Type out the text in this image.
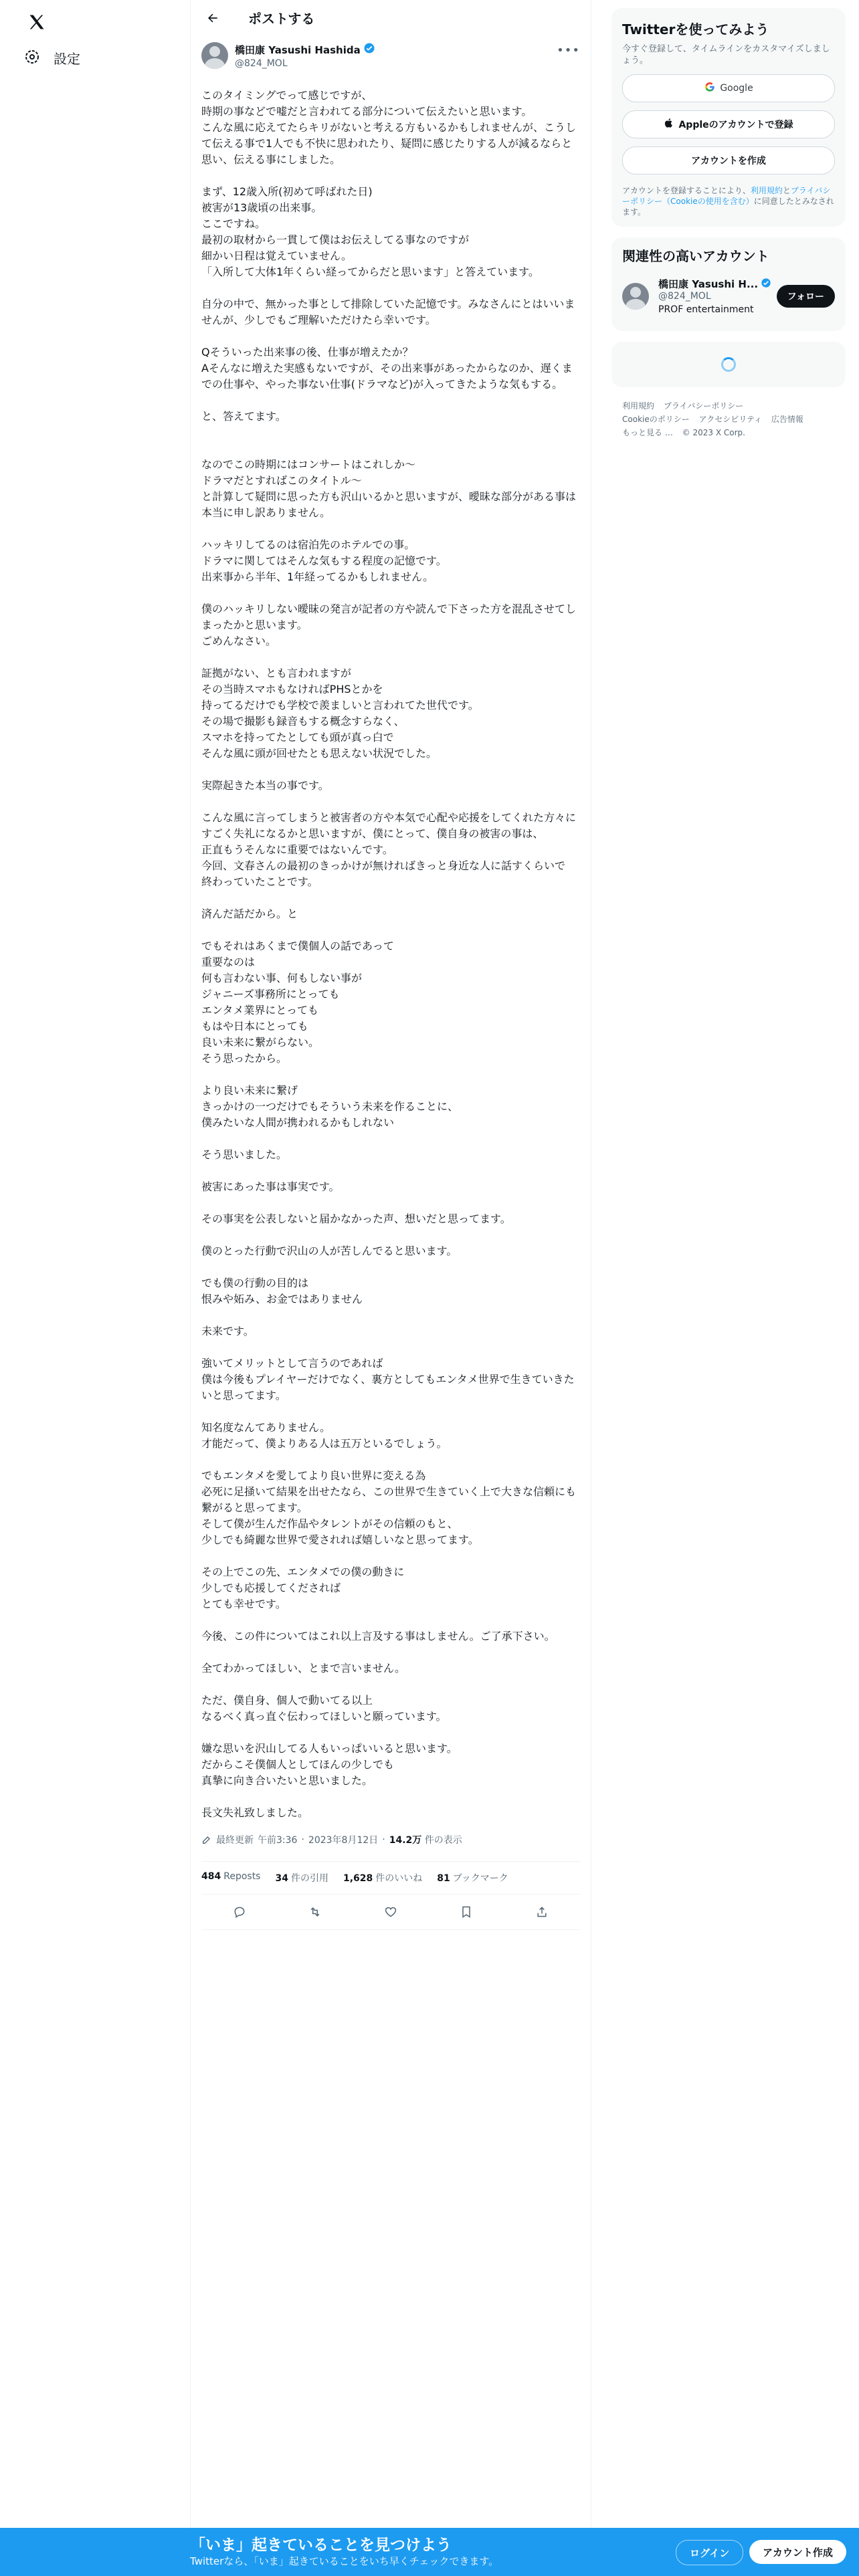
設定
ポストする
橋田康 Yasushi Hashida
@824_MOL
•••
このタイミングでって感じですが、
時期の事などで嘘だと言われてる部分について伝えたいと思います。
こんな風に応えてたらキリがないと考える方もいるかもしれませんが、こうして伝える事で1人でも不快に思われたり、疑問に感じたりする人が減るならと思い、伝える事にしました。

まず、12歳入所(初めて呼ばれた日)
被害が13歳頃の出来事。
ここですね。
最初の取材から一貫して僕はお伝えしてる事なのですが
細かい日程は覚えていません。
「入所して大体1年くらい経ってからだと思います」と答えています。

自分の中で、無かった事として排除していた記憶です。みなさんにとはいいませんが、少しでもご理解いただけたら幸いです。

Qそういった出来事の後、仕事が増えたか？
Aそんなに増えた実感もないですが、その出来事があったからなのか、遅くまでの仕事や、やった事ない仕事(ドラマなど)が入ってきたような気もする。

と、答えてます。

なのでこの時期にはコンサートはこれしか〜
ドラマだとすればこのタイトル〜
と計算して疑問に思った方も沢山いるかと思いますが、曖昧な部分がある事は本当に申し訳ありません。

ハッキリしてるのは宿泊先のホテルでの事。
ドラマに関してはそんな気もする程度の記憶です。
出来事から半年、1年経ってるかもしれません。

僕のハッキリしない曖昧の発言が記者の方や読んで下さった方を混乱させてしまったかと思います。
ごめんなさい。

証拠がない、とも言われますが
その当時スマホもなければPHSとかを
持ってるだけでも学校で羨ましいと言われてた世代です。
その場で撮影も録音もする概念すらなく、
スマホを持ってたとしても頭が真っ白で
そんな風に頭が回せたとも思えない状況でした。

実際起きた本当の事です。

こんな風に言ってしまうと被害者の方や本気で心配や応援をしてくれた方々にすごく失礼になるかと思いますが、僕にとって、僕自身の被害の事は、
正直もうそんなに重要ではないんです。
今回、文春さんの最初のきっかけが無ければきっと身近な人に話すくらいで
終わっていたことです。

済んだ話だから。と

でもそれはあくまで僕個人の話であって
重要なのは
何も言わない事、何もしない事が
ジャニーズ事務所にとっても
エンタメ業界にとっても
もはや日本にとっても
良い未来に繋がらない。
そう思ったから。

より良い未来に繋げ
きっかけの一つだけでもそういう未来を作ることに、
僕みたいな人間が携われるかもしれない

そう思いました。

被害にあった事は事実です。

その事実を公表しないと届かなかった声、想いだと思ってます。

僕のとった行動で沢山の人が苦しんでると思います。

でも僕の行動の目的は
恨みや妬み、お金ではありません

未来です。

強いてメリットとして言うのであれば
僕は今後もプレイヤーだけでなく、裏方としてもエンタメ世界で生きていきたいと思ってます。

知名度なんてありません。
才能だって、僕よりある人は五万といるでしょう。

でもエンタメを愛してより良い世界に変える為
必死に足掻いて結果を出せたなら、この世界で生きていく上で大きな信頼にも繋がると思ってます。
そして僕が生んだ作品やタレントがその信頼のもと、
少しでも綺麗な世界で愛されれば嬉しいなと思ってます。

その上でこの先、エンタメでの僕の動きに
少しでも応援してくだされば
とても幸せです。

今後、この件についてはこれ以上言及する事はしません。ご了承下さい。

全てわかってほしい、とまで言いません。

ただ、僕自身、個人で動いてる以上
なるべく真っ直ぐ伝わってほしいと願っています。

嫌な思いを沢山してる人もいっぱいいると思います。
だからこそ僕個人としてほんの少しでも
真摯に向き合いたいと思いました。

長文失礼致しました。
最終更新 午前3:36 · 2023年8月12日 · 14.2万 件の表示
484 Reposts 34 件の引用 1,628 件のいいね 81 ブックマーク
Twitterを使ってみよう
今すぐ登録して、タイムラインをカスタマイズしましょう。
Google
Appleのアカウントで登録
アカウントを作成
アカウントを登録することにより、利用規約とプライバシーポリシー（Cookieの使用を含む）に同意したとみなされます。
関連性の高いアカウント
橋田康 Yasushi H...
@824_MOL
PROF entertainment
フォロー
利用規約 プライバシーポリシー
Cookieのポリシー アクセシビリティ 広告情報
もっと見る … © 2023 X Corp.
「いま」起きていることを見つけよう
Twitterなら、「いま」起きていることをいち早くチェックできます。
ログイン	アカウント作成
